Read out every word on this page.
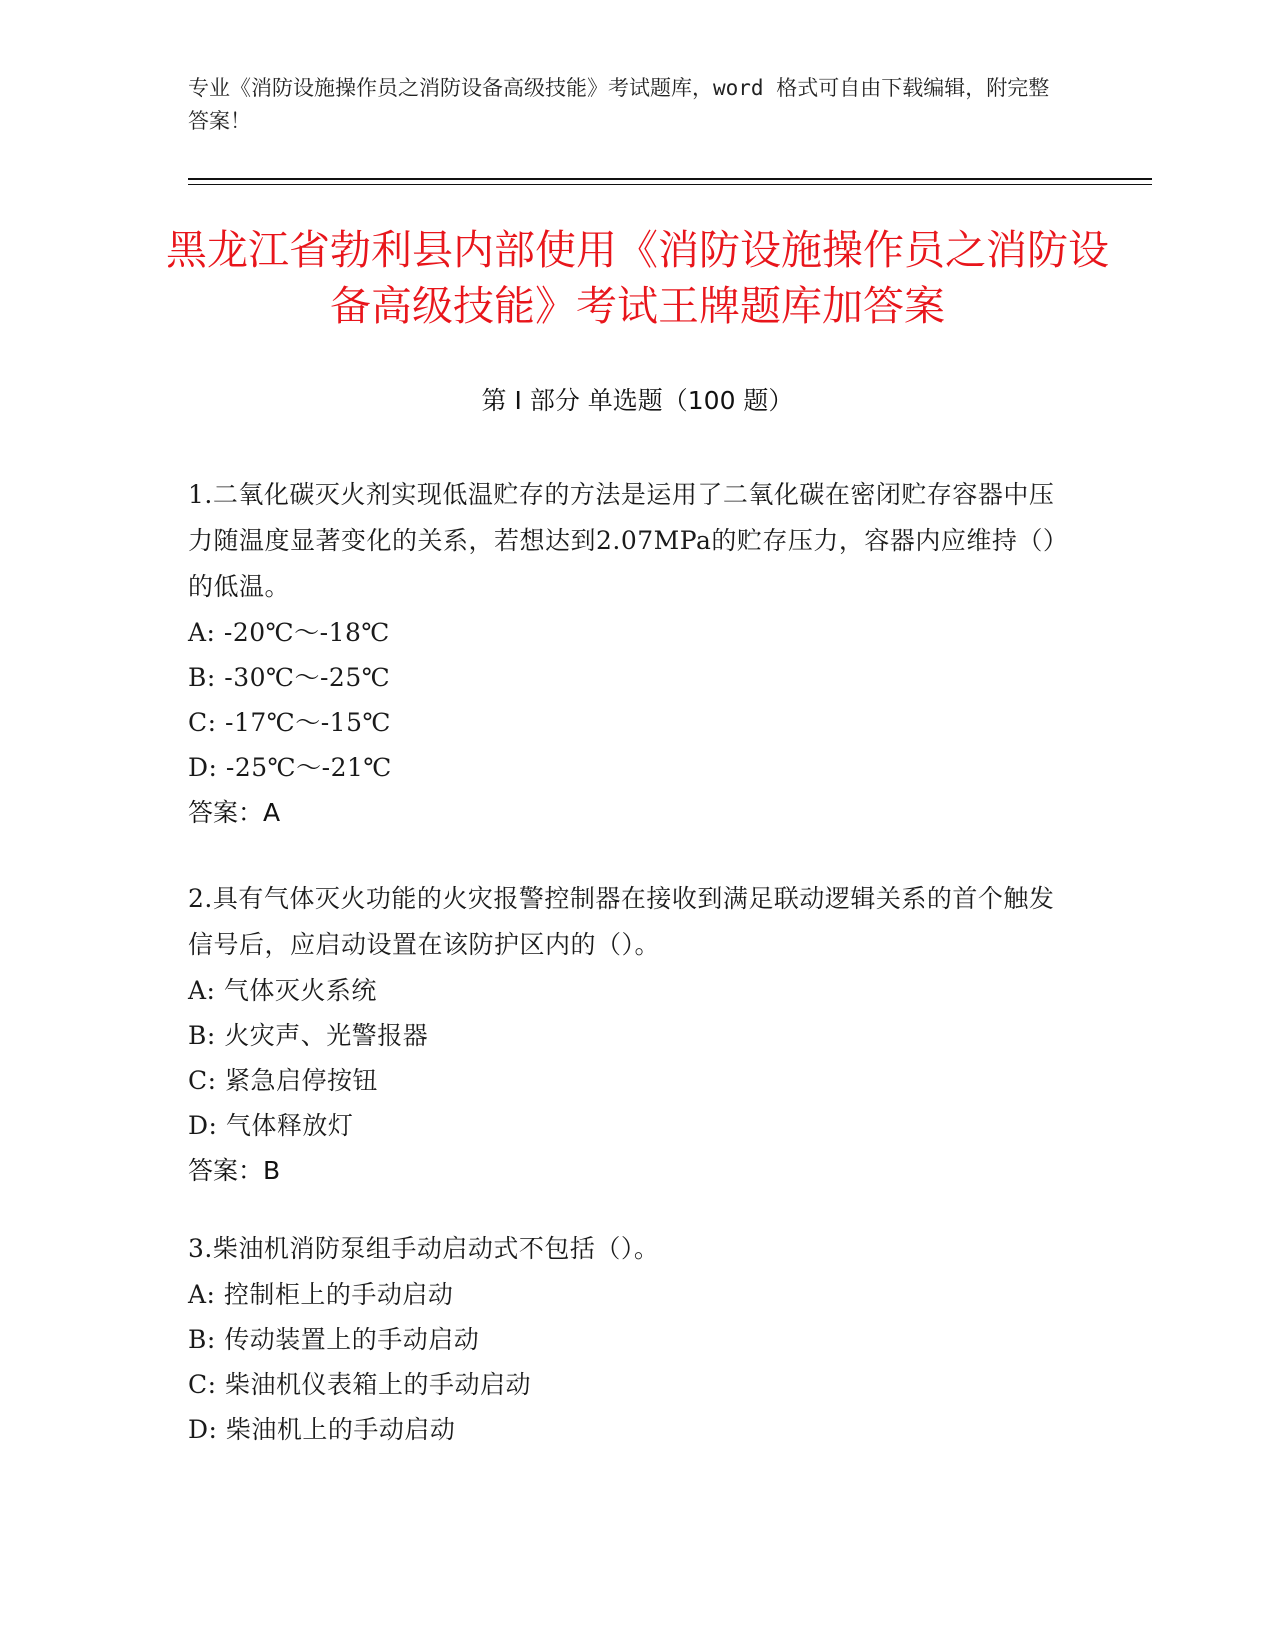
专业《消防设施操作员之消防设备高级技能》考试题库，word 格式可自由下载编辑，附完整答案！
黑龙江省勃利县内部使用《消防设施操作员之消防设备高级技能》考试王牌题库加答案
第 I 部分 单选题（100 题）
1.二氧化碳灭火剂实现低温贮存的方法是运用了二氧化碳在密闭贮存容器中压力随温度显著变化的关系，若想达到2.07MPa的贮存压力，容器内应维持（）的低温。
A: -20℃～-18℃
B: -30℃～-25℃
C: -17℃～-15℃
D: -25℃～-21℃
答案：A
2.具有气体灭火功能的火灾报警控制器在接收到满足联动逻辑关系的首个触发信号后，应启动设置在该防护区内的（）。
A: 气体灭火系统
B: 火灾声、光警报器
C: 紧急启停按钮
D: 气体释放灯
答案：B
3.柴油机消防泵组手动启动式不包括（）。
A: 控制柜上的手动启动
B: 传动装置上的手动启动
C: 柴油机仪表箱上的手动启动
D: 柴油机上的手动启动
